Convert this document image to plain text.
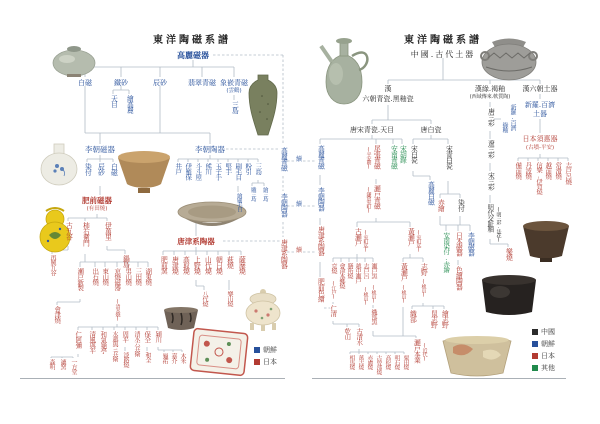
東洋陶磁系譜	東洋陶磁系譜
中國.古代土器
朝鮮
日本
中國
朝鮮
日本
其他
高麗磁器
白磁	鐵砂	辰砂	翡翠青磁 象嵌青磁
(雲鶴)
天目 繪高麗	三島
李朝磁器	李朝陶器
染付 辰砂 白磁	井戸 伊羅保 斗斗屋 熊川 玉子手 堅手 刷毛目
繪刷毛目
粉引 三島
雕三島 繪三島
肥前磁器
(有田燒)
古九谷 柿右衛門 伊萬里
再興九谷	鍋島
瀬戸新製 出石燒 東山燒 京燒磁器
(清水燒)
男山燒 三田燒 湖東燒
會津燒
仁阿彌 清風與平 和氣龜亭 水越與三兵衛 周平
淡路燒
清水六兵衛 保全
和全
穎川
森明 讓窯 一方堂
龜祐 嘉介 木米
唐津系陶器
肥前窯 唐津燒 高取燒 上野燒 山代燒 朝日燒 萩燒 薩摩燒
八代燒	樂山燒
高麗青磁
李朝陶器
唐津系陶器
續
續
續
漢
六朝青瓷.黑釉瓷
漢綠.褐釉
(西域傳來.軟質陶)
漢六朝土器
新羅.百濟
土器
日本須惠器
(古墳-平安)
備前燒 丹波燒 信樂.伊賀燒 越前燒 常滑燒 志戸呂燒
唐三彩
遼三彩
宋三彩
明代交趾釉 (明三彩.法花)
樂燒
新羅.百濟
綠釉
唐宋青瓷.天目	唐白瓷
宋白瓷	宋青白瓷
高麗白磁
赤繪 染付
安南染付.赤繪 日本磁器
色繪陶器
李朝磁器
高麗青磁
李朝陶器
唐津系陶器
肥前色繪
尾張青磁
(平安朝)
瀬戸青磁
(鎌倉室町)
安南青磁 宋胡錄
古瀬戸 (室町迄)	黃瀬戸 (室町迄)
京燒
(江戸)
會津本鄉燒 膳所燒 越中瀬戸 志戸呂
(桃山)
瀬戸黑
(桃山)
織部黑
黃瀬戸
(桃山)
志野
(桃山)
織部 鼠志野 繪志野
瀬戸本業 (近代)
仁清
乾山 古清水
相馬燒 萬古燒 赤膚燒 古曾部燒 高松燒 明石燒 粟田燒
